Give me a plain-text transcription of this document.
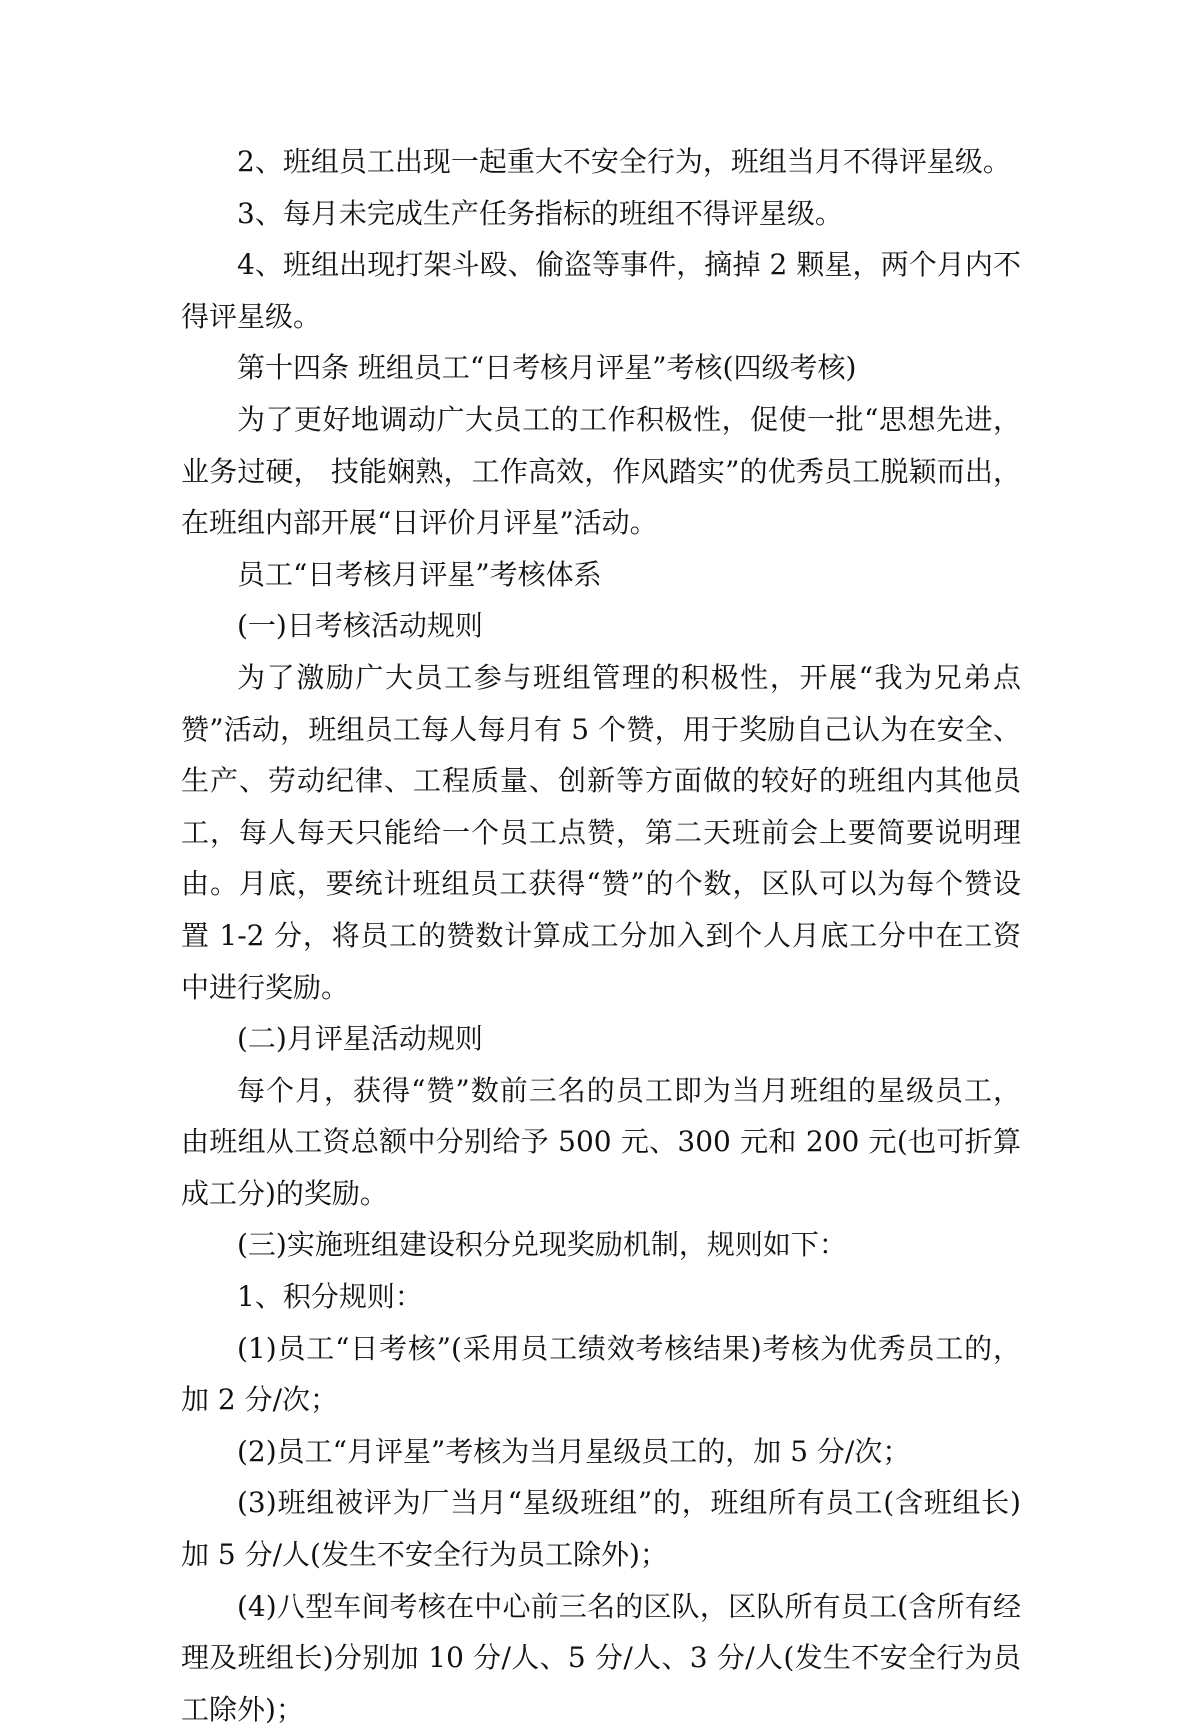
2、班组员工出现一起重大不安全行为，班组当月不得评星级。

3、每月未完成生产任务指标的班组不得评星级。

4、班组出现打架斗殴、偷盗等事件，摘掉 2 颗星，两个月内不得评星级。

第十四条 班组员工“日考核月评星”考核(四级考核)

为了更好地调动广大员工的工作积极性，促使一批“思想先进，业务过硬， 技能娴熟，工作高效，作风踏实”的优秀员工脱颖而出，在班组内部开展“日评价月评星”活动。

员工“日考核月评星”考核体系

(一)日考核活动规则

为了激励广大员工参与班组管理的积极性，开展“我为兄弟点赞”活动，班组员工每人每月有 5 个赞，用于奖励自己认为在安全、生产、劳动纪律、工程质量、创新等方面做的较好的班组内其他员工，每人每天只能给一个员工点赞，第二天班前会上要简要说明理由。月底，要统计班组员工获得“赞”的个数，区队可以为每个赞设置 1-2 分，将员工的赞数计算成工分加入到个人月底工分中在工资中进行奖励。

(二)月评星活动规则

每个月，获得“赞”数前三名的员工即为当月班组的星级员工，由班组从工资总额中分别给予 500 元、300 元和 200 元(也可折算成工分)的奖励。

(三)实施班组建设积分兑现奖励机制，规则如下：

1、积分规则：

(1)员工“日考核”(采用员工绩效考核结果)考核为优秀员工的，加 2 分/次；

(2)员工“月评星”考核为当月星级员工的，加 5 分/次；

(3)班组被评为厂当月“星级班组”的，班组所有员工(含班组长)加 5 分/人(发生不安全行为员工除外)；

(4)八型车间考核在中心前三名的区队，区队所有员工(含所有经理及班组长)分别加 10 分/人、5 分/人、3 分/人(发生不安全行为员工除外)；
